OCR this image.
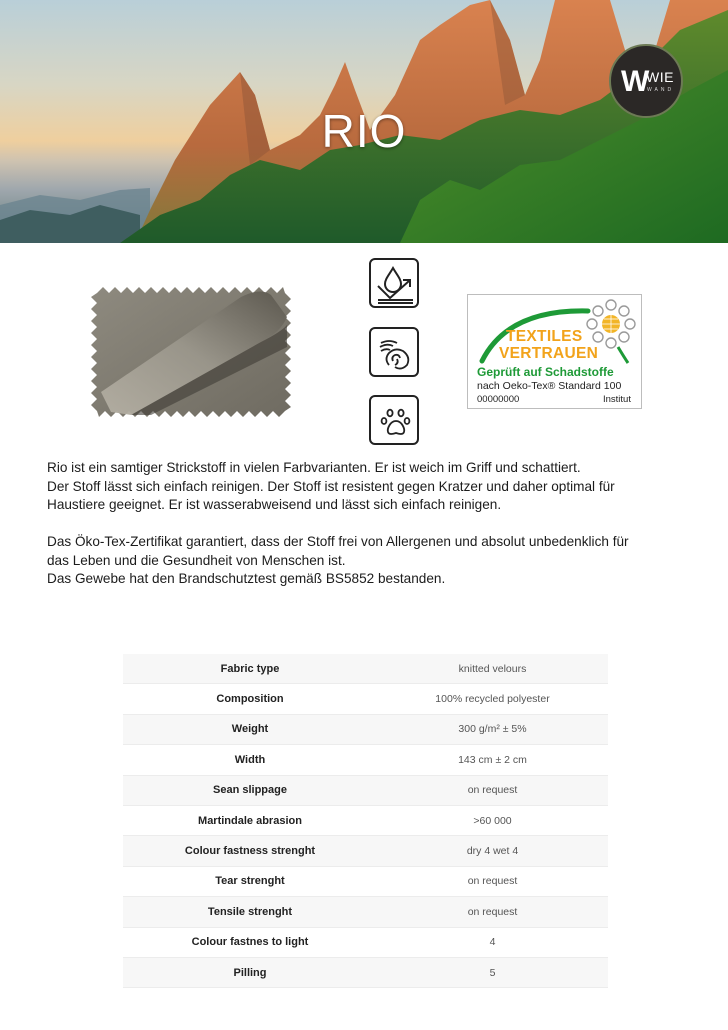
RIO
W
WIE
WAND
TEXTILES
VERTRAUEN
Geprüft auf Schadstoffe
nach Oeko-Tex® Standard 100
00000000	Institut

Rio ist ein samtiger Strickstoff in vielen Farbvarianten. Er ist weich im Griff und schattiert.
Der Stoff lässt sich einfach reinigen. Der Stoff ist resistent gegen Kratzer und daher optimal für
Haustiere geeignet. Er ist wasserabweisend und lässt sich einfach reinigen.

Das Öko-Tex-Zertifikat garantiert, dass der Stoff frei von Allergenen und absolut unbedenklich für
das Leben und die Gesundheit von Menschen ist.
Das Gewebe hat den Brandschutztest gemäß BS5852 bestanden.

Fabric type	knitted velours
Composition	100% recycled polyester
Weight	300 g/m² ± 5%
Width	143 cm ± 2 cm
Sean slippage	on request
Martindale abrasion	>60 000
Colour fastness strenght	dry 4 wet 4
Tear strenght	on request
Tensile strenght	on request
Colour fastnes to light	4
Pilling	5
